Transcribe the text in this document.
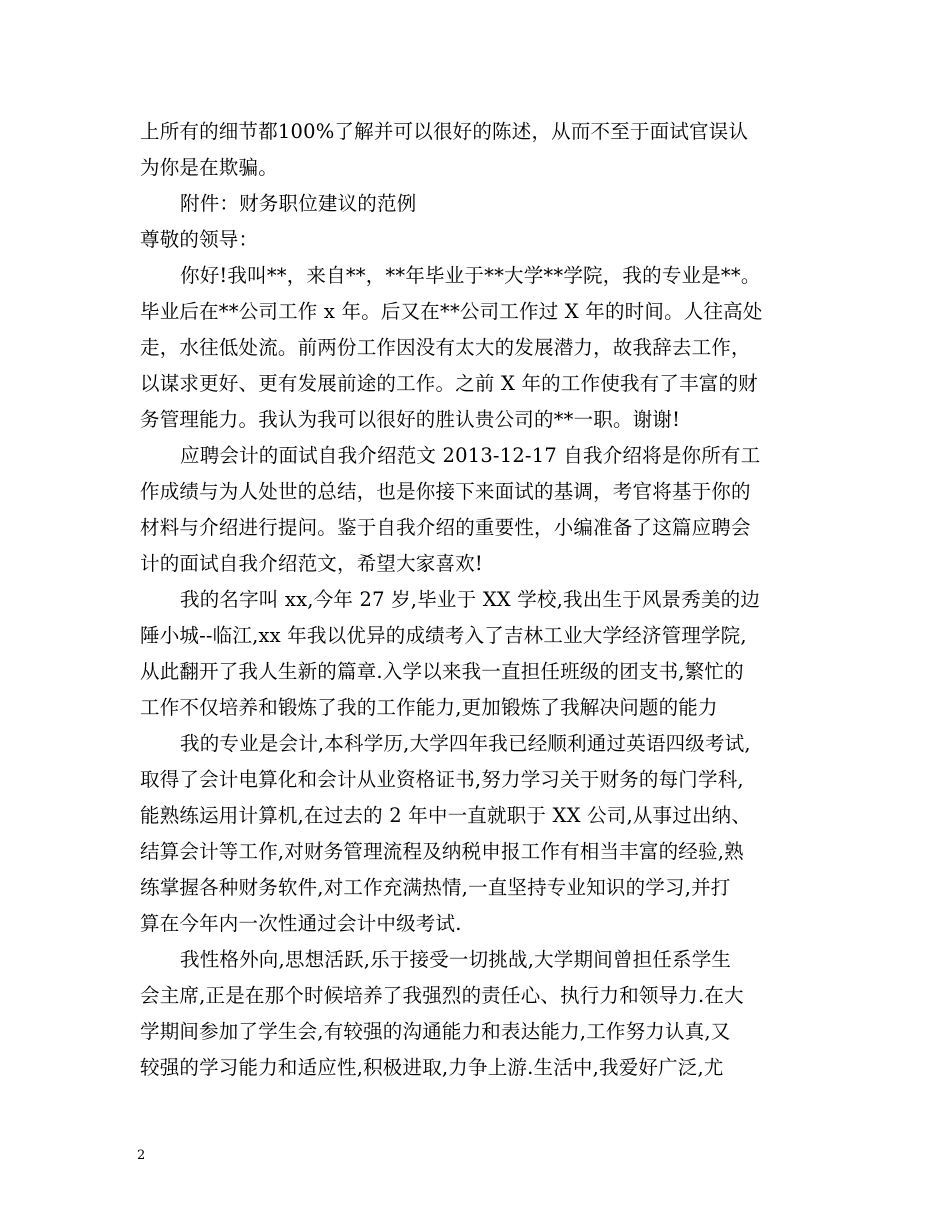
上所有的细节都100%了解并可以很好的陈述，从而不至于面试官误认
为你是在欺骗。
附件：财务职位建议的范例
尊敬的领导：
你好!我叫**，来自**，**年毕业于**大学**学院，我的专业是**。
毕业后在**公司工作 x 年。后又在**公司工作过 X 年的时间。人往高处
走，水往低处流。前两份工作因没有太大的发展潜力，故我辞去工作，
以谋求更好、更有发展前途的工作。之前 X 年的工作使我有了丰富的财
务管理能力。我认为我可以很好的胜认贵公司的**一职。谢谢!
应聘会计的面试自我介绍范文 2013-12-17 自我介绍将是你所有工
作成绩与为人处世的总结，也是你接下来面试的基调，考官将基于你的
材料与介绍进行提问。鉴于自我介绍的重要性，小编准备了这篇应聘会
计的面试自我介绍范文，希望大家喜欢!
我的名字叫 xx,今年 27 岁,毕业于 XX 学校,我出生于风景秀美的边
陲小城--临江,xx 年我以优异的成绩考入了吉林工业大学经济管理学院,
从此翻开了我人生新的篇章.入学以来我一直担任班级的团支书,繁忙的
工作不仅培养和锻炼了我的工作能力,更加锻炼了我解决问题的能力
我的专业是会计,本科学历,大学四年我已经顺利通过英语四级考试,
取得了会计电算化和会计从业资格证书,努力学习关于财务的每门学科,
能熟练运用计算机,在过去的 2 年中一直就职于 XX 公司,从事过出纳、
结算会计等工作,对财务管理流程及纳税申报工作有相当丰富的经验,熟
练掌握各种财务软件,对工作充满热情,一直坚持专业知识的学习,并打
算在今年内一次性通过会计中级考试.
我性格外向,思想活跃,乐于接受一切挑战,大学期间曾担任系学生
会主席,正是在那个时候培养了我强烈的责任心、执行力和领导力.在大
学期间参加了学生会,有较强的沟通能力和表达能力,工作努力认真,又
较强的学习能力和适应性,积极进取,力争上游.生活中,我爱好广泛,尤
2
